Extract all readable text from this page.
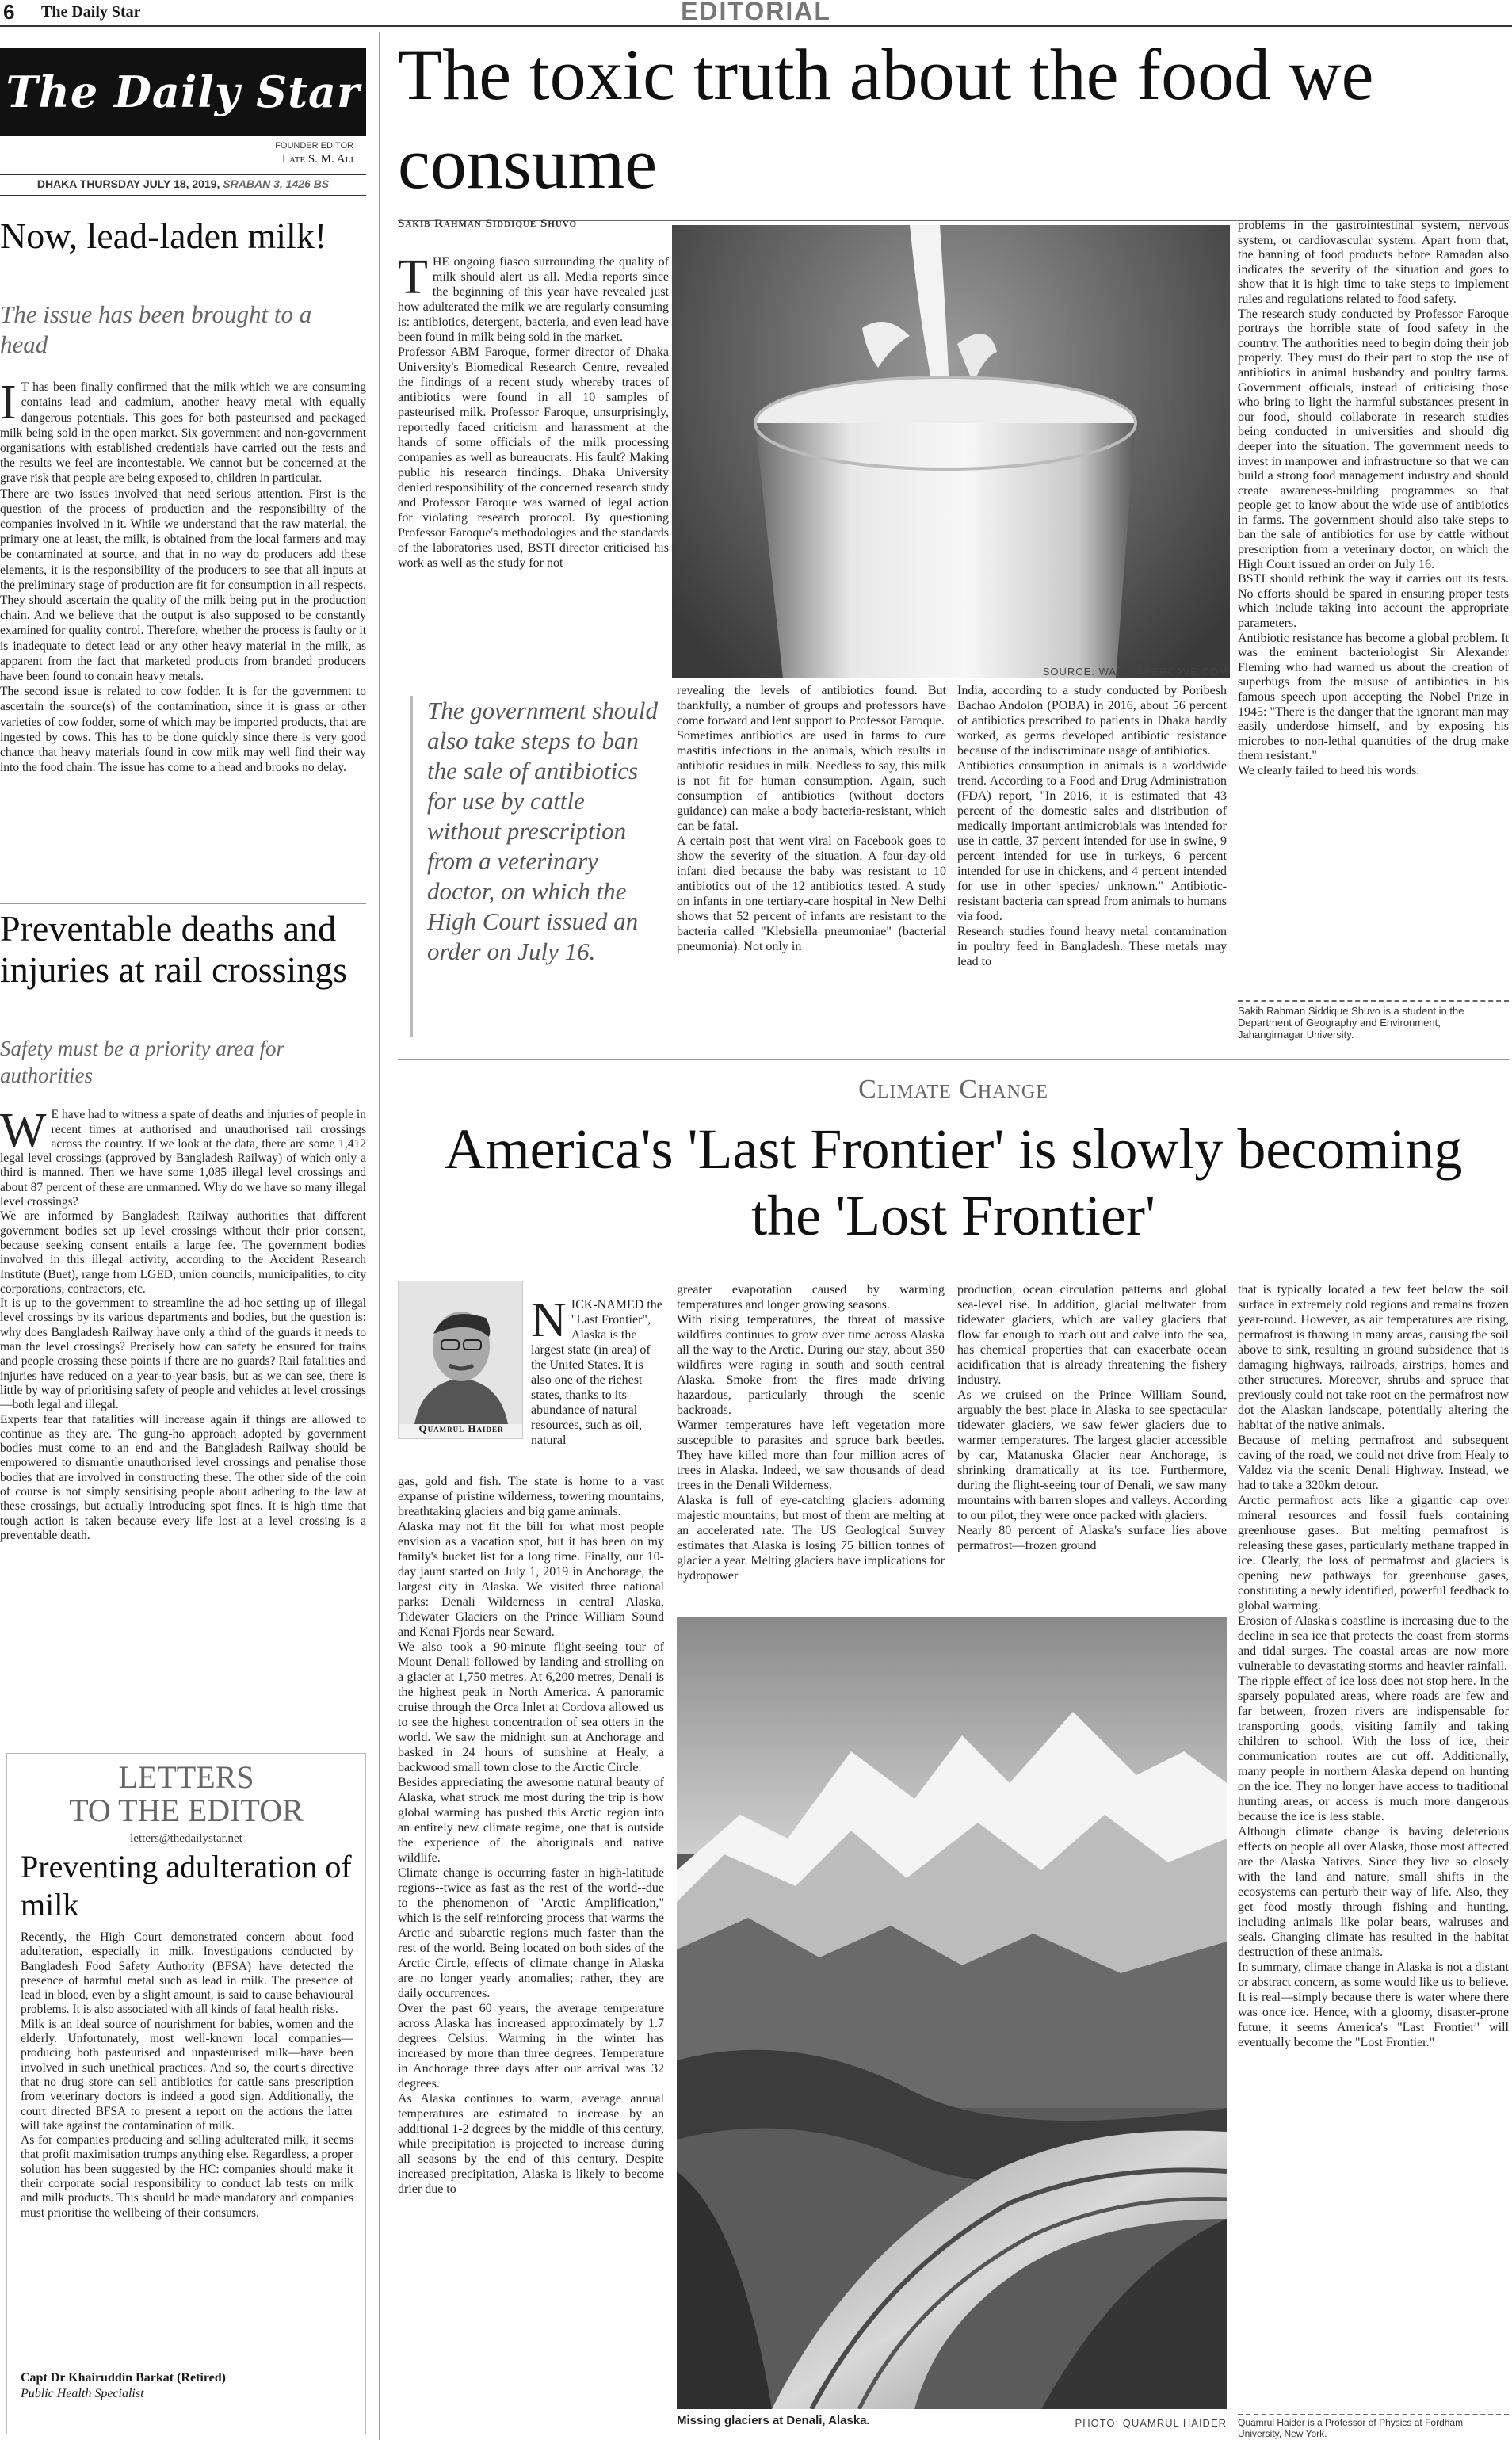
6 The Daily Star	EDITORIAL
The Daily Star
FOUNDER EDITOR
Late S. M. Ali
DHAKA THURSDAY JULY 18, 2019, SRABAN 3, 1426 BS
Now, lead-laden milk!
The issue has been brought to a head

I T has been finally confirmed that the milk which we are consuming contains lead and cadmium, another heavy metal with equally dangerous potentials. This goes for both pasteurised and packaged milk being sold in the open market. Six government and non-government organisations with established credentials have carried out the tests and the results we feel are incontestable. We cannot but be concerned at the grave risk that people are being exposed to, children in particular.
There are two issues involved that need serious attention. First is the question of the process of production and the responsibility of the companies involved in it. While we understand that the raw material, the primary one at least, the milk, is obtained from the local farmers and may be contaminated at source, and that in no way do producers add these elements, it is the responsibility of the producers to see that all inputs at the preliminary stage of production are fit for consumption in all respects. They should ascertain the quality of the milk being put in the production chain. And we believe that the output is also supposed to be constantly examined for quality control. Therefore, whether the process is faulty or it is inadequate to detect lead or any other heavy material in the milk, as apparent from the fact that marketed products from branded producers have been found to contain heavy metals.
The second issue is related to cow fodder. It is for the government to ascertain the source(s) of the contamination, since it is grass or other varieties of cow fodder, some of which may be imported products, that are ingested by cows. This has to be done quickly since there is very good chance that heavy materials found in cow milk may well find their way into the food chain. The issue has come to a head and brooks no delay.

Preventable deaths and injuries at rail crossings
Safety must be a priority area for authorities

W E have had to witness a spate of deaths and injuries of people in recent times at authorised and unauthorised rail crossings across the country. If we look at the data, there are some 1,412 legal level crossings (approved by Bangladesh Railway) of which only a third is manned. Then we have some 1,085 illegal level crossings and about 87 percent of these are unmanned. Why do we have so many illegal level crossings?
We are informed by Bangladesh Railway authorities that different government bodies set up level crossings without their prior consent, because seeking consent entails a large fee. The government bodies involved in this illegal activity, according to the Accident Research Institute (Buet), range from LGED, union councils, municipalities, to city corporations, contractors, etc.
It is up to the government to streamline the ad-hoc setting up of illegal level crossings by its various departments and bodies, but the question is: why does Bangladesh Railway have only a third of the guards it needs to man the level crossings? Precisely how can safety be ensured for trains and people crossing these points if there are no guards? Rail fatalities and injuries have reduced on a year-to-year basis, but as we can see, there is little by way of prioritising safety of people and vehicles at level crossings—both legal and illegal.
Experts fear that fatalities will increase again if things are allowed to continue as they are. The gung-ho approach adopted by government bodies must come to an end and the Bangladesh Railway should be empowered to dismantle unauthorised level crossings and penalise those bodies that are involved in constructing these. The other side of the coin of course is not simply sensitising people about adhering to the law at these crossings, but actually introducing spot fines. It is high time that tough action is taken because every life lost at a level crossing is a preventable death.

LETTERS
TO THE EDITOR
letters@thedailystar.net
Preventing adulteration of milk
Recently, the High Court demonstrated concern about food adulteration, especially in milk. Investigations conducted by Bangladesh Food Safety Authority (BFSA) have detected the presence of harmful metal such as lead in milk. The presence of lead in blood, even by a slight amount, is said to cause behavioural problems. It is also associated with all kinds of fatal health risks.
Milk is an ideal source of nourishment for babies, women and the elderly. Unfortunately, most well-known local companies—producing both pasteurised and unpasteurised milk—have been involved in such unethical practices. And so, the court's directive that no drug store can sell antibiotics for cattle sans prescription from veterinary doctors is indeed a good sign. Additionally, the court directed BFSA to present a report on the actions the latter will take against the contamination of milk.
As for companies producing and selling adulterated milk, it seems that profit maximisation trumps anything else. Regardless, a proper solution has been suggested by the HC: companies should make it their corporate social responsibility to conduct lab tests on milk and milk products. This should be made mandatory and companies must prioritise the wellbeing of their consumers.
Capt Dr Khairuddin Barkat (Retired)
Public Health Specialist
The toxic truth about the food we consume
Sakib Rahman Siddique Shuvo

THE ongoing fiasco surrounding the quality of milk should alert us all. Media reports since the beginning of this year have revealed just how adulterated the milk we are regularly consuming is: antibiotics, detergent, bacteria, and even lead have been found in milk being sold in the market.
Professor ABM Faroque, former director of Dhaka University's Biomedical Research Centre, revealed the findings of a recent study whereby traces of antibiotics were found in all 10 samples of pasteurised milk. Professor Faroque, unsurprisingly, reportedly faced criticism and harassment at the hands of some officials of the milk processing companies as well as bureaucrats. His fault? Making public his research findings. Dhaka University denied responsibility of the concerned research study and Professor Faroque was warned of legal action for violating research protocol. By questioning Professor Faroque's methodologies and the standards of the laboratories used, BSTI director criticised his work as well as the study for not

SOURCE: WALLPAPERCAVE.COM
The government should also take steps to ban the sale of antibiotics for use by cattle without prescription from a veterinary doctor, on which the High Court issued an order on July 16.
revealing the levels of antibiotics found. But thankfully, a number of groups and professors have come forward and lent support to Professor Faroque.
Sometimes antibiotics are used in farms to cure mastitis infections in the animals, which results in antibiotic residues in milk. Needless to say, this milk is not fit for human consumption. Again, such consumption of antibiotics (without doctors' guidance) can make a body bacteria-resistant, which can be fatal.
A certain post that went viral on Facebook goes to show the severity of the situation. A four-day-old infant died because the baby was resistant to 10 antibiotics out of the 12 antibiotics tested. A study on infants in one tertiary-care hospital in New Delhi shows that 52 percent of infants are resistant to the bacteria called "Klebsiella pneumoniae" (bacterial pneumonia). Not only in
India, according to a study conducted by Poribesh Bachao Andolon (POBA) in 2016, about 56 percent of antibiotics prescribed to patients in Dhaka hardly worked, as germs developed antibiotic resistance because of the indiscriminate usage of antibiotics.
Antibiotics consumption in animals is a worldwide trend. According to a Food and Drug Administration (FDA) report, "In 2016, it is estimated that 43 percent of the domestic sales and distribution of medically important antimicrobials was intended for use in cattle, 37 percent intended for use in swine, 9 percent intended for use in turkeys, 6 percent intended for use in chickens, and 4 percent intended for use in other species/ unknown." Antibiotic-resistant bacteria can spread from animals to humans via food.
Research studies found heavy metal contamination in poultry feed in Bangladesh. These metals may lead to
problems in the gastrointestinal system, nervous system, or cardiovascular system. Apart from that, the banning of food products before Ramadan also indicates the severity of the situation and goes to show that it is high time to take steps to implement rules and regulations related to food safety.
The research study conducted by Professor Faroque portrays the horrible state of food safety in the country. The authorities need to begin doing their job properly. They must do their part to stop the use of antibiotics in animal husbandry and poultry farms. Government officials, instead of criticising those who bring to light the harmful substances present in our food, should collaborate in research studies being conducted in universities and should dig deeper into the situation. The government needs to invest in manpower and infrastructure so that we can build a strong food management industry and should create awareness-building programmes so that people get to know about the wide use of antibiotics in farms. The government should also take steps to ban the sale of antibiotics for use by cattle without prescription from a veterinary doctor, on which the High Court issued an order on July 16.
BSTI should rethink the way it carries out its tests. No efforts should be spared in ensuring proper tests which include taking into account the appropriate parameters.
Antibiotic resistance has become a global problem. It was the eminent bacteriologist Sir Alexander Fleming who had warned us about the creation of superbugs from the misuse of antibiotics in his famous speech upon accepting the Nobel Prize in 1945: "There is the danger that the ignorant man may easily underdose himself, and by exposing his microbes to non-lethal quantities of the drug make them resistant."
We clearly failed to heed his words.
Sakib Rahman Siddique Shuvo is a student in the Department of Geography and Environment, Jahangirnagar University.
Climate Change
America's 'Last Frontier' is slowly becoming the 'Lost Frontier'
Quamrul Haider

NICK-NAMED the "Last Frontier", Alaska is the largest state (in area) of the United States. It is also one of the richest states, thanks to its abundance of natural resources, such as oil, natural

gas, gold and fish. The state is home to a vast expanse of pristine wilderness, towering mountains, breathtaking glaciers and big game animals.
Alaska may not fit the bill for what most people envision as a vacation spot, but it has been on my family's bucket list for a long time. Finally, our 10-day jaunt started on July 1, 2019 in Anchorage, the largest city in Alaska. We visited three national parks: Denali Wilderness in central Alaska, Tidewater Glaciers on the Prince William Sound and Kenai Fjords near Seward.
We also took a 90-minute flight-seeing tour of Mount Denali followed by landing and strolling on a glacier at 1,750 metres. At 6,200 metres, Denali is the highest peak in North America. A panoramic cruise through the Orca Inlet at Cordova allowed us to see the highest concentration of sea otters in the world. We saw the midnight sun at Anchorage and basked in 24 hours of sunshine at Healy, a backwood small town close to the Arctic Circle.
Besides appreciating the awesome natural beauty of Alaska, what struck me most during the trip is how global warming has pushed this Arctic region into an entirely new climate regime, one that is outside the experience of the aboriginals and native wildlife.
Climate change is occurring faster in high-latitude regions--twice as fast as the rest of the world--due to the phenomenon of "Arctic Amplification," which is the self-reinforcing process that warms the Arctic and subarctic regions much faster than the rest of the world. Being located on both sides of the Arctic Circle, effects of climate change in Alaska are no longer yearly anomalies; rather, they are daily occurrences.
Over the past 60 years, the average temperature across Alaska has increased approximately by 1.7 degrees Celsius. Warming in the winter has increased by more than three degrees. Temperature in Anchorage three days after our arrival was 32 degrees.
As Alaska continues to warm, average annual temperatures are estimated to increase by an additional 1-2 degrees by the middle of this century, while precipitation is projected to increase during all seasons by the end of this century. Despite increased precipitation, Alaska is likely to become drier due to
greater evaporation caused by warming temperatures and longer growing seasons.
With rising temperatures, the threat of massive wildfires continues to grow over time across Alaska all the way to the Arctic. During our stay, about 350 wildfires were raging in south and south central Alaska. Smoke from the fires made driving hazardous, particularly through the scenic backroads.
Warmer temperatures have left vegetation more susceptible to parasites and spruce bark beetles. They have killed more than four million acres of trees in Alaska. Indeed, we saw thousands of dead trees in the Denali Wilderness.
Alaska is full of eye-catching glaciers adorning majestic mountains, but most of them are melting at an accelerated rate. The US Geological Survey estimates that Alaska is losing 75 billion tonnes of glacier a year. Melting glaciers have implications for hydropower
production, ocean circulation patterns and global sea-level rise. In addition, glacial meltwater from tidewater glaciers, which are valley glaciers that flow far enough to reach out and calve into the sea, has chemical properties that can exacerbate ocean acidification that is already threatening the fishery industry.
As we cruised on the Prince William Sound, arguably the best place in Alaska to see spectacular tidewater glaciers, we saw fewer glaciers due to warmer temperatures. The largest glacier accessible by car, Matanuska Glacier near Anchorage, is shrinking dramatically at its toe. Furthermore, during the flight-seeing tour of Denali, we saw many mountains with barren slopes and valleys. According to our pilot, they were once packed with glaciers.
Nearly 80 percent of Alaska's surface lies above permafrost—frozen ground
that is typically located a few feet below the soil surface in extremely cold regions and remains frozen year-round. However, as air temperatures are rising, permafrost is thawing in many areas, causing the soil above to sink, resulting in ground subsidence that is damaging highways, railroads, airstrips, homes and other structures. Moreover, shrubs and spruce that previously could not take root on the permafrost now dot the Alaskan landscape, potentially altering the habitat of the native animals.
Because of melting permafrost and subsequent caving of the road, we could not drive from Healy to Valdez via the scenic Denali Highway. Instead, we had to take a 320km detour.
Arctic permafrost acts like a gigantic cap over mineral resources and fossil fuels containing greenhouse gases. But melting permafrost is releasing these gases, particularly methane trapped in ice. Clearly, the loss of permafrost and glaciers is opening new pathways for greenhouse gases, constituting a newly identified, powerful feedback to global warming.
Erosion of Alaska's coastline is increasing due to the decline in sea ice that protects the coast from storms and tidal surges. The coastal areas are now more vulnerable to devastating storms and heavier rainfall.
The ripple effect of ice loss does not stop here. In the sparsely populated areas, where roads are few and far between, frozen rivers are indispensable for transporting goods, visiting family and taking children to school. With the loss of ice, their communication routes are cut off. Additionally, many people in northern Alaska depend on hunting on the ice. They no longer have access to traditional hunting areas, or access is much more dangerous because the ice is less stable.
Although climate change is having deleterious effects on people all over Alaska, those most affected are the Alaska Natives. Since they live so closely with the land and nature, small shifts in the ecosystems can perturb their way of life. Also, they get food mostly through fishing and hunting, including animals like polar bears, walruses and seals. Changing climate has resulted in the habitat destruction of these animals.
In summary, climate change in Alaska is not a distant or abstract concern, as some would like us to believe. It is real—simply because there is water where there was once ice. Hence, with a gloomy, disaster-prone future, it seems America's "Last Frontier" will eventually become the "Lost Frontier."
Quamrul Haider is a Professor of Physics at Fordham University, New York.
Missing glaciers at Denali, Alaska.	PHOTO: QUAMRUL HAIDER
